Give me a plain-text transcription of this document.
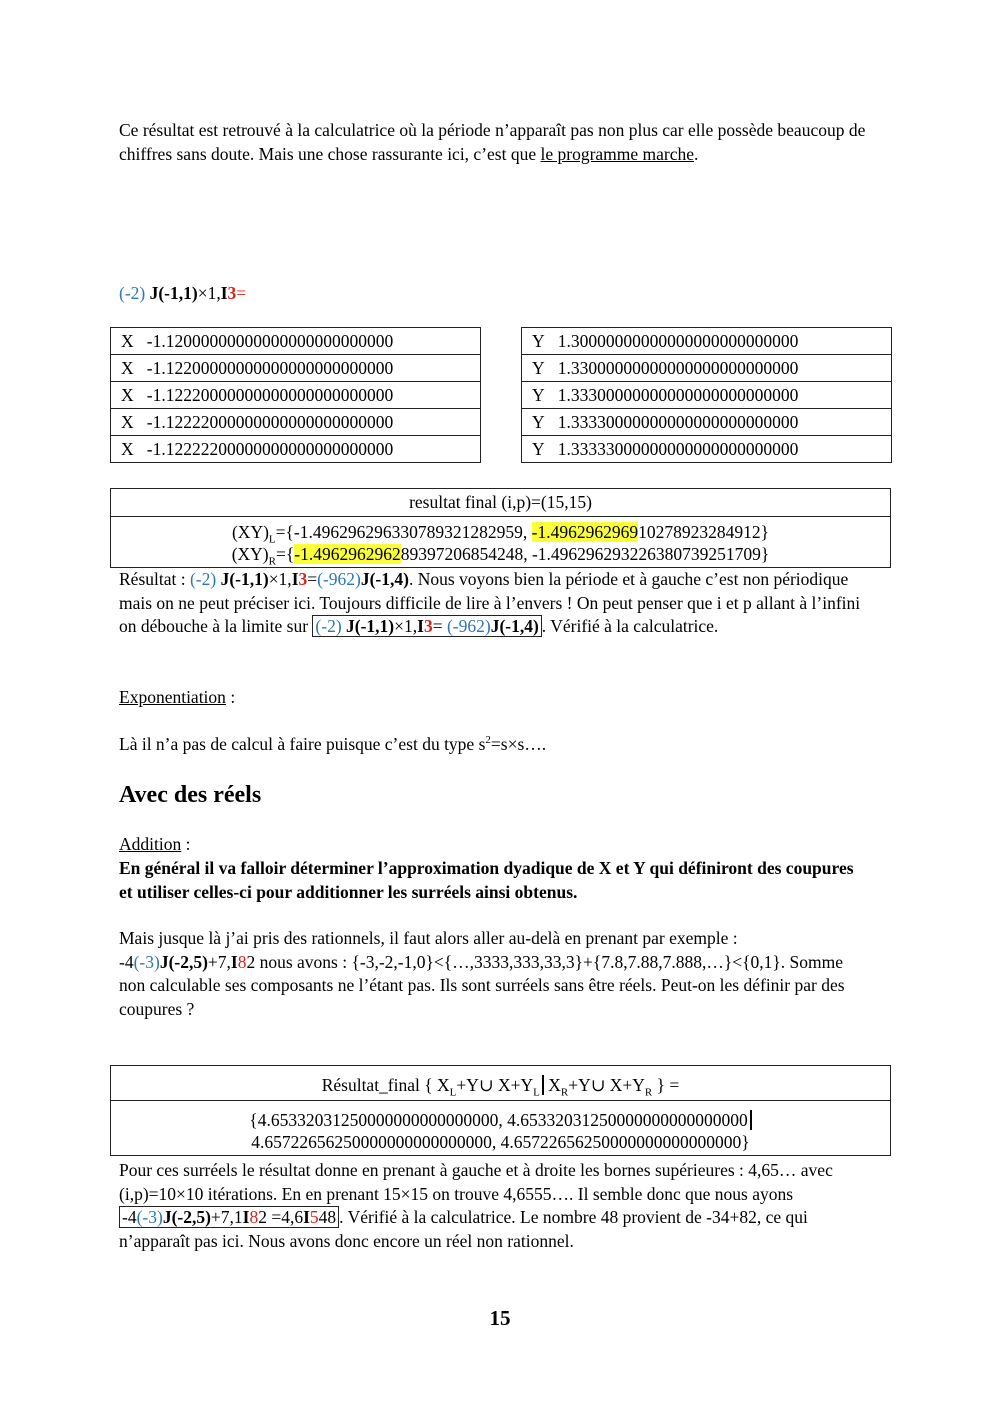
Ce résultat est retrouvé à la calculatrice où la période n’apparaît pas non plus car elle possède beaucoup de chiffres sans doute. Mais une chose rassurante ici, c’est que le programme marche.

(-2) J(-1,1)×1,I3=

X -1.12000000000000000000000000
X -1.12200000000000000000000000
X -1.12220000000000000000000000
X -1.12222000000000000000000000
X -1.12222200000000000000000000
Y 1.30000000000000000000000000
Y 1.33000000000000000000000000
Y 1.33300000000000000000000000
Y 1.33330000000000000000000000
Y 1.33333000000000000000000000
resultat final (i,p)=(15,15)
$(XY)_L=\{-1.4962962963307893212829​59$, -1.496296296910278923284912}
$(XY)_R=\{-1.496296296289397206854248$, -1.49629629322638073925170​9}

Résultat : (-2) J(-1,1)×1,I3=(-962)J(-1,4). Nous voyons bien la période et à gauche c’est non périodique mais on ne peut préciser ici. Toujours difficile de lire à l’envers ! On peut penser que i et p allant à l’infini on débouche à la limite sur (-2) J(-1,1)×1,I3= (-962)J(-1,4) . Vérifié à la calculatrice.

Exponentiation :

Là il n’a pas de calcul à faire puisque c’est du type $s^2=s\times s\dots$.

Avec des réels

Addition :

En général il va falloir déterminer l’approximation dyadique de X et Y qui définiront des coupures et utiliser celles-ci pour additionner les surréels ainsi obtenus.

Mais jusque là j’ai pris des rationnels, il faut alors aller au-delà en prenant par exemple : -4(-3)J(-2,5)+7,I82 nous avons : {-3,-2,-1,0}<{…,3333,333,33,3}+{7.8,7.88,7.888,…}<{0,1}. Somme non calculable ses composants ne l’étant pas. Ils sont surréels sans être réels. Peut-on les définir par des coupures ?

Résultat_final { $X_L+Y\cup$ $X+Y_L$ $X_R+Y\cup$ $X+Y_R$ } =
{4.65332031250000000000000000, 4.65332031250000000000000000
4.65722656250000000000000000, 4.65722656250000000000000000}

Pour ces surréels le résultat donne en prenant à gauche et à droite les bornes supérieures : 4,65… avec (i,p)=10×10 itérations. En en prenant 15×15 on trouve 4,6555…. Il semble donc que nous ayons -4(-3)J(-2,5)+7,1I82 =4,6I548 . Vérifié à la calculatrice. Le nombre 48 provient de -34+82, ce qui n’apparaît pas ici. Nous avons donc encore un réel non rationnel.

15
